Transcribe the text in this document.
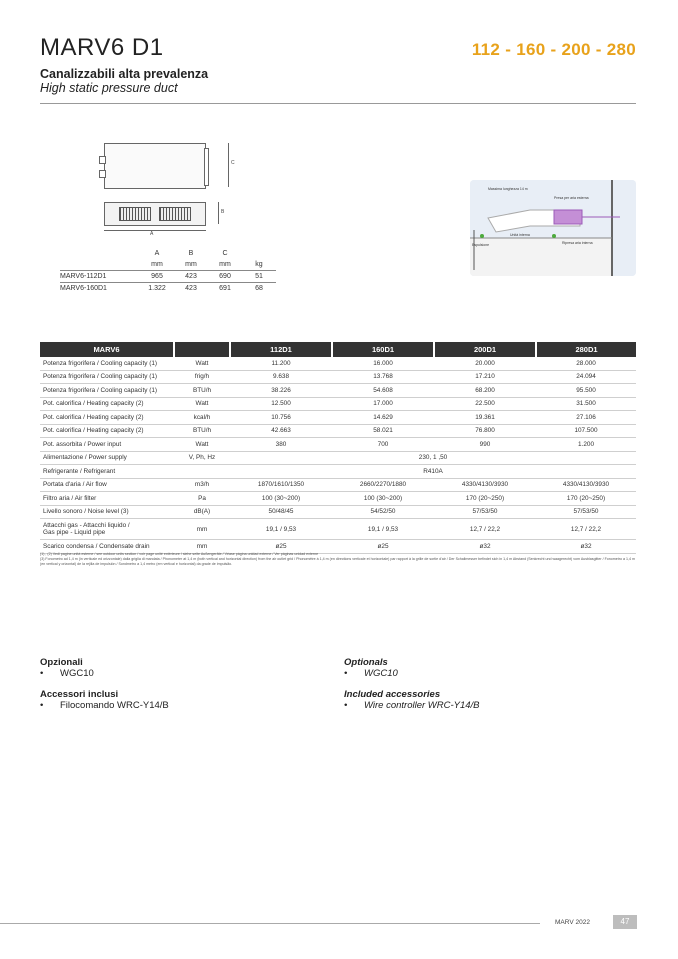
MARV6 D1	112 - 160 - 200 - 280
Canalizzabili alta prevalenza
High static pressure duct
C
B
A
	A	B	C	
	mm	mm	mm	kg
MARV6-112D1	965	423	690	51
MARV6-160D1	1.322	423	691	68
Massima lunghezza 14 m
Presa per aria esterna
Unità interna
Ripresa aria interna
Espulsione
MARV6		112D1	160D1	200D1	280D1
Potenza frigorifera / Cooling capacity (1)	Watt	11.200	16.000	20.000	28.000
Potenza frigorifera / Cooling capacity (1)	frig/h	9.638	13.768	17.210	24.094
Potenza frigorifera / Cooling capacity (1)	BTU/h	38.226	54.608	68.200	95.500
Pot. calorifica / Heating capacity (2)	Watt	12.500	17.000	22.500	31.500
Pot. calorifica / Heating capacity (2)	kcal/h	10.756	14.629	19.361	27.106
Pot. calorifica / Heating capacity (2)	BTU/h	42.663	58.021	76.800	107.500
Pot. assorbita / Power input	Watt	380	700	990	1.200
Alimentazione / Power supply	V, Ph, Hz	230, 1 ,50			
Refrigerante / Refrigerant		R410A			
Portata d'aria / Air flow	m3/h	1870/1610/1350	2660/2270/1880	4330/4130/3930	4330/4130/3930
Filtro aria / Air filter	Pa	100 (30~200)	100 (30~200)	170 (20~250)	170 (20~250)
Livello sonoro / Noise level (3)	dB(A)	50/48/45	54/52/50	57/53/50	57/53/50
Attacchi gas - Attacchi liquido /
Gas pipe - Liquid pipe	mm	19,1 / 9,53	19,1 / 9,53	12,7 / 22,2	12,7 / 22,2
Scarico condensa / Condensate drain	mm	ø25	ø25	ø32	ø32
(1) , (2) Vedi pagine unità esterne / see outdoor units section / voir page unité extérieure / siehe seite Außengeräte / Véase página unidad externe / Ver páginas unidad externe
(3) Fonometro ad 1,4 m (in verticale ed orizzontale) dalla griglia di mandata / Phonometer at 1,4 m (both vertical and horizontal direction) from the air outlet grid / Phonomètre à 1,4 m (en directions verticale et horizontale) par rapport à la grille de sortie d'air / Der Schallmesser befindet sich in 1,4 m Abstand (Senkrecht und waagerecht) vom Ausblasgitter / Fonometro a 1,4 m (en vertical y orizontal) de la rejilla de impulsión / Sondmetro a 1,4 metro (em vertical e horizontal) da grade de impulsão.
Opzionali
• WGC10
Accessori inclusi
• Filocomando WRC-Y14/B
Optionals
• WGC10
Included accessories
• Wire controller WRC-Y14/B
MARV 2022	47
